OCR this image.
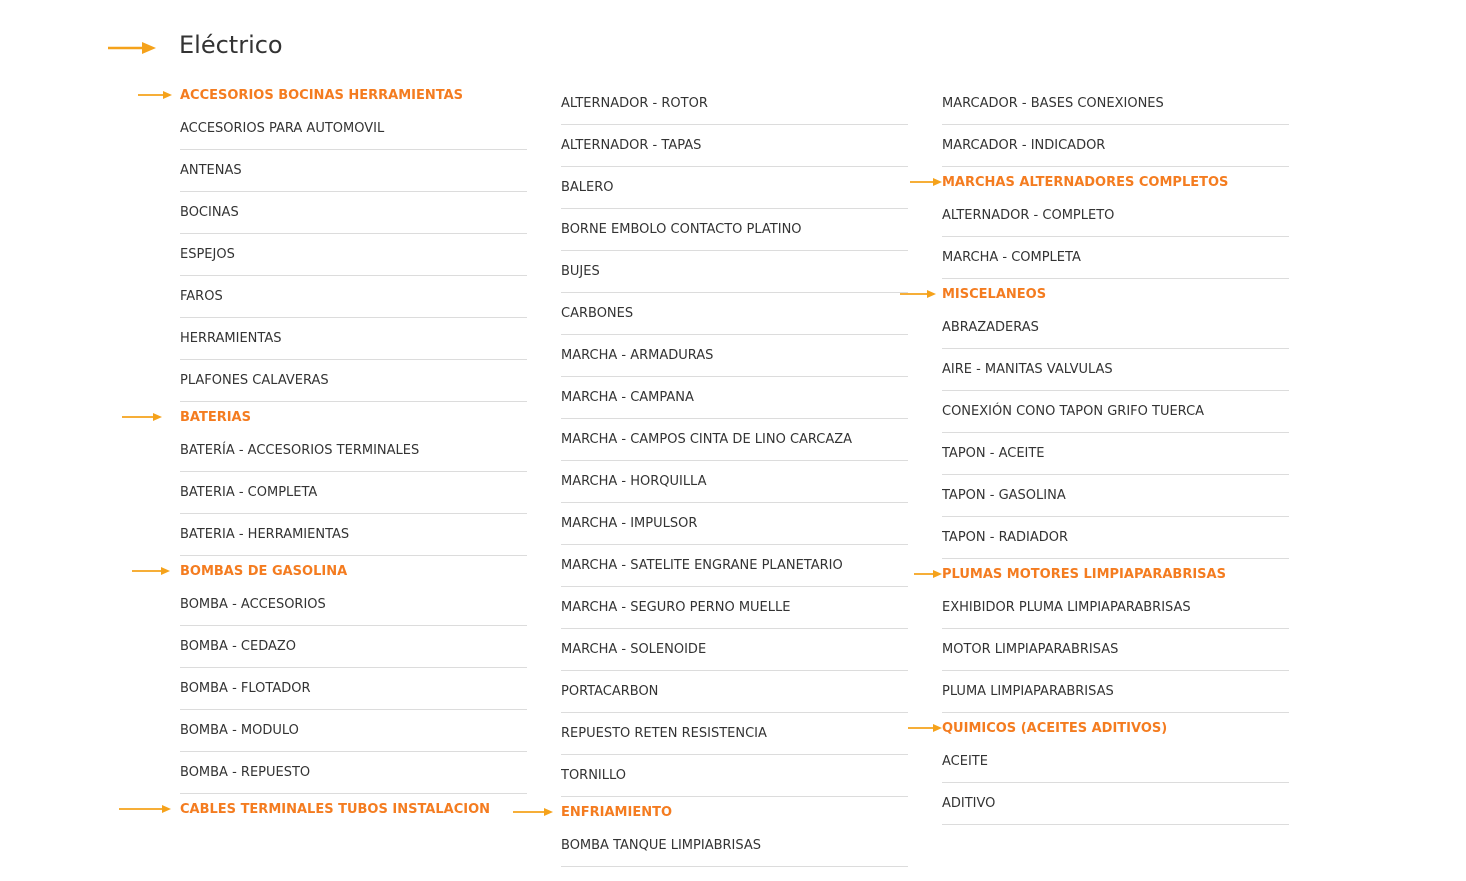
Eléctrico
ACCESORIOS BOCINAS HERRAMIENTAS
ACCESORIOS PARA AUTOMOVIL
ANTENAS
BOCINAS
ESPEJOS
FAROS
HERRAMIENTAS
PLAFONES CALAVERAS
BATERIAS
BATERÍA - ACCESORIOS TERMINALES
BATERIA - COMPLETA
BATERIA - HERRAMIENTAS
BOMBAS DE GASOLINA
BOMBA - ACCESORIOS
BOMBA - CEDAZO
BOMBA - FLOTADOR
BOMBA - MODULO
BOMBA - REPUESTO
CABLES TERMINALES TUBOS INSTALACION
ALTERNADOR - ROTOR
ALTERNADOR - TAPAS
BALERO
BORNE EMBOLO CONTACTO PLATINO
BUJES
CARBONES
MARCHA - ARMADURAS
MARCHA - CAMPANA
MARCHA - CAMPOS CINTA DE LINO CARCAZA
MARCHA - HORQUILLA
MARCHA - IMPULSOR
MARCHA - SATELITE ENGRANE PLANETARIO
MARCHA - SEGURO PERNO MUELLE
MARCHA - SOLENOIDE
PORTACARBON
REPUESTO RETEN RESISTENCIA
TORNILLO
ENFRIAMIENTO
BOMBA TANQUE LIMPIABRISAS
MARCADOR - BASES CONEXIONES
MARCADOR - INDICADOR
MARCHAS ALTERNADORES COMPLETOS
ALTERNADOR - COMPLETO
MARCHA - COMPLETA
MISCELANEOS
ABRAZADERAS
AIRE - MANITAS VALVULAS
CONEXIÓN CONO TAPON GRIFO TUERCA
TAPON - ACEITE
TAPON - GASOLINA
TAPON - RADIADOR
PLUMAS MOTORES LIMPIAPARABRISAS
EXHIBIDOR PLUMA LIMPIAPARABRISAS
MOTOR LIMPIAPARABRISAS
PLUMA LIMPIAPARABRISAS
QUIMICOS (ACEITES ADITIVOS)
ACEITE
ADITIVO
